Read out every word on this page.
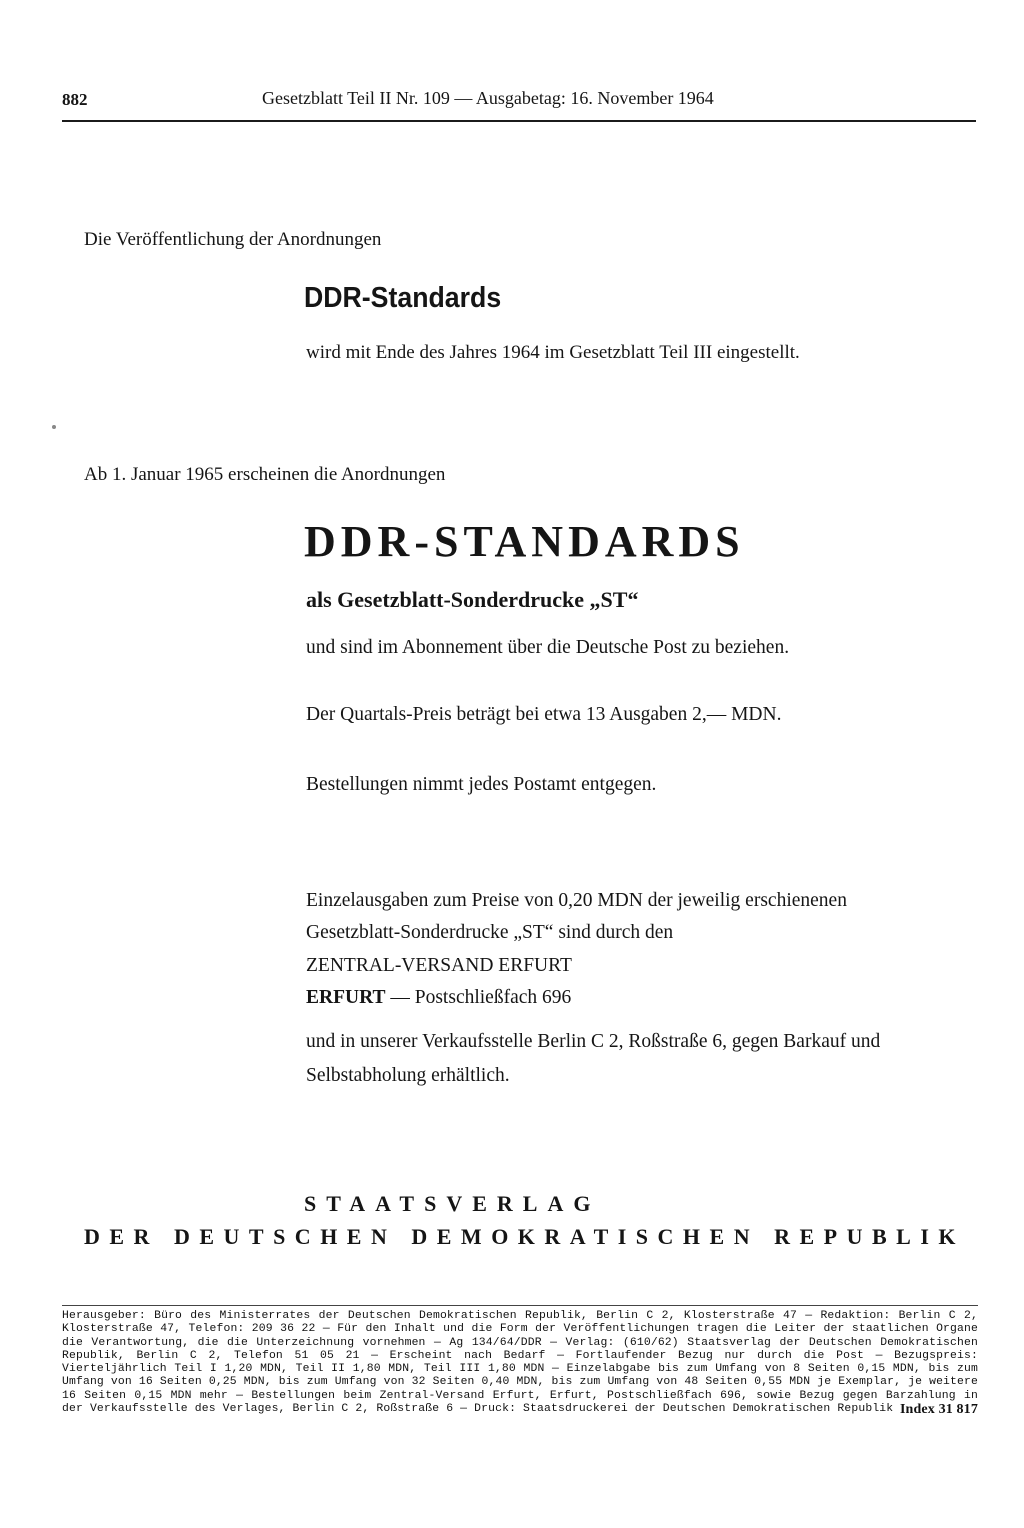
882	Gesetzblatt Teil II Nr. 109 — Ausgabetag: 16. November 1964
Die Veröffentlichung der Anordnungen
DDR-Standards
wird mit Ende des Jahres 1964 im Gesetzblatt Teil III eingestellt.
Ab 1. Januar 1965 erscheinen die Anordnungen
DDR-STANDARDS
als Gesetzblatt-Sonderdrucke „ST“
und sind im Abonnement über die Deutsche Post zu beziehen.
Der Quartals-Preis beträgt bei etwa 13 Ausgaben 2,— MDN.
Bestellungen nimmt jedes Postamt entgegen.
Einzelausgaben zum Preise von 0,20 MDN der jeweilig erschienenen
Gesetzblatt-Sonderdrucke „ST“ sind durch den
ZENTRAL-VERSAND ERFURT
ERFURT — Postschließfach 696
und in unserer Verkaufsstelle Berlin C 2, Roßstraße 6, gegen Barkauf und
Selbstabholung erhältlich.
STAATSVERLAG
DER DEUTSCHEN DEMOKRATISCHEN REPUBLIK
Herausgeber: Büro des Ministerrates der Deutschen Demokratischen Republik, Berlin C 2, Klosterstraße 47 — Redaktion: Berlin C 2, Klosterstraße 47, Telefon: 209 36 22 — Für den Inhalt und die Form der Veröffentlichungen tragen die Leiter der staatlichen Organe die Verantwortung, die die Unterzeichnung vornehmen — Ag 134/64/DDR — Verlag: (610/62) Staatsverlag der Deutschen Demokratischen Republik, Berlin C 2, Telefon 51 05 21 — Erscheint nach Bedarf — Fortlaufender Bezug nur durch die Post — Bezugspreis: Vierteljährlich Teil I 1,20 MDN, Teil II 1,80 MDN, Teil III 1,80 MDN — Einzelabgabe bis zum Umfang von 8 Seiten 0,15 MDN, bis zum Umfang von 16 Seiten 0,25 MDN, bis zum Umfang von 32 Seiten 0,40 MDN, bis zum Umfang von 48 Seiten 0,55 MDN je Exemplar, je weitere 16 Seiten 0,15 MDN mehr — Bestellungen beim Zentral-Versand Erfurt, Erfurt, Postschließfach 696, sowie Bezug gegen Barzahlung in der Verkaufsstelle des Verlages, Berlin C 2, Roßstraße 6 — Druck: Staatsdruckerei der Deutschen Demokratischen Republik Index 31 817
